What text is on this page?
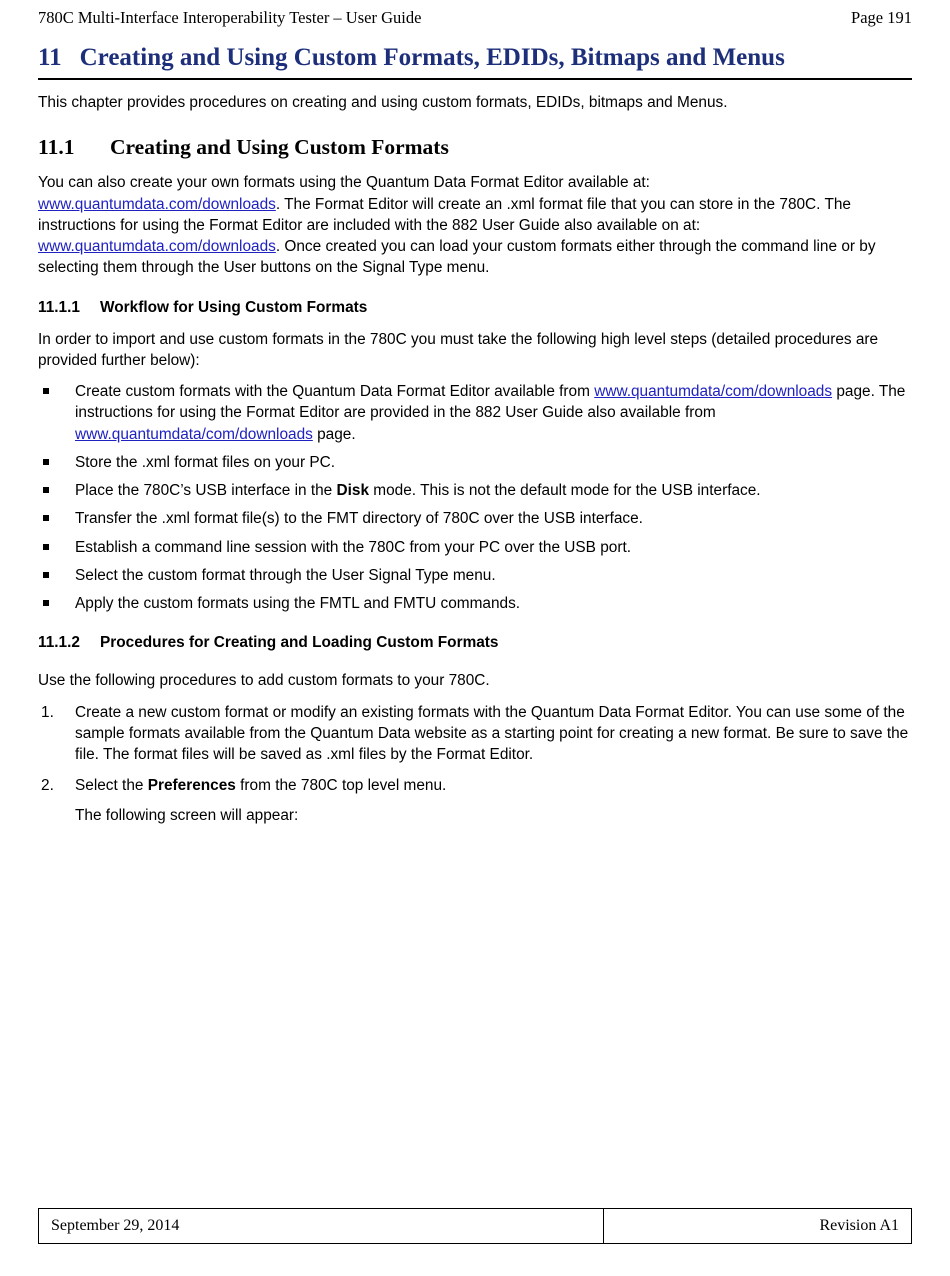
780C Multi-Interface Interoperability Tester – User Guide	Page 191
11 Creating and Using Custom Formats, EDIDs, Bitmaps and Menus

This chapter provides procedures on creating and using custom formats, EDIDs, bitmaps and Menus.

11.1	Creating and Using Custom Formats

You can also create your own formats using the Quantum Data Format Editor available at:
www.quantumdata.com/downloads. The Format Editor will create an .xml format file that you can store in the 780C. The instructions for using the Format Editor are included with the 882 User Guide also available on at: www.quantumdata.com/downloads. Once created you can load your custom formats either through the command line or by selecting them through the User buttons on the Signal Type menu.

11.1.1	Workflow for Using Custom Formats

In order to import and use custom formats in the 780C you must take the following high level steps (detailed procedures are provided further below):

Create custom formats with the Quantum Data Format Editor available from www.quantumdata/com/downloads page. The instructions for using the Format Editor are provided in the 882 User Guide also available from www.quantumdata/com/downloads page.
Store the .xml format files on your PC.
Place the 780C’s USB interface in the Disk mode. This is not the default mode for the USB interface.
Transfer the .xml format file(s) to the FMT directory of 780C over the USB interface.
Establish a command line session with the 780C from your PC over the USB port.
Select the custom format through the User Signal Type menu.
Apply the custom formats using the FMTL and FMTU commands.
11.1.2	Procedures for Creating and Loading Custom Formats

Use the following procedures to add custom formats to your 780C.

Create a new custom format or modify an existing formats with the Quantum Data Format Editor. You can use some of the sample formats available from the Quantum Data website as a starting point for creating a new format. Be sure to save the file. The format files will be saved as .xml files by the Format Editor.
Select the Preferences from the 780C top level menu.

The following screen will appear:

September 29, 2014	Revision A1
